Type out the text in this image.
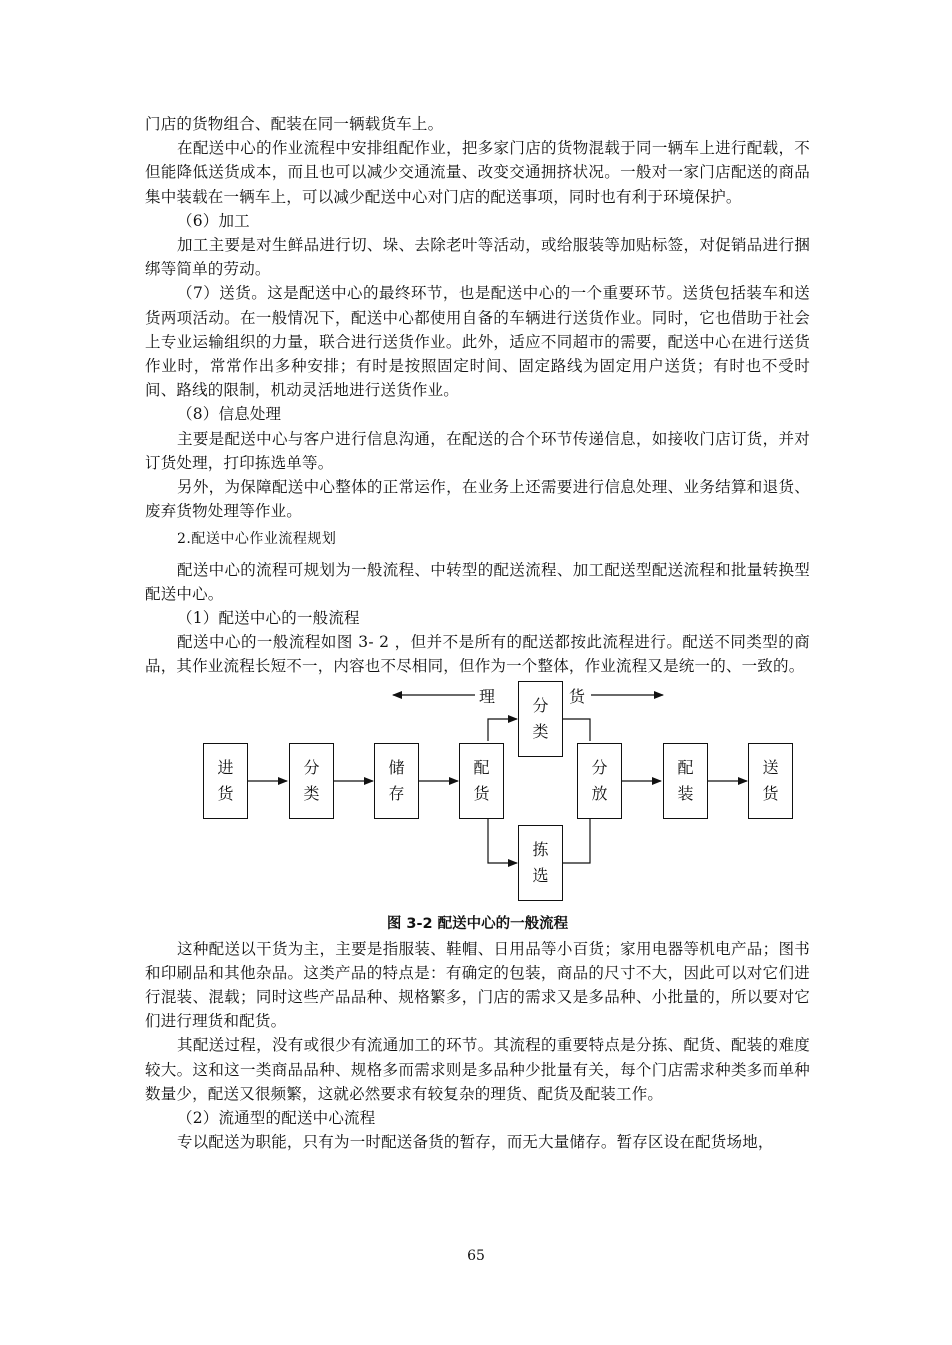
门店的货物组合、配装在同一辆载货车上。

在配送中心的作业流程中安排组配作业，把多家门店的货物混载于同一辆车上进行配载，不但能降低送货成本，而且也可以减少交通流量、改变交通拥挤状况。一般对一家门店配送的商品集中装载在一辆车上，可以减少配送中心对门店的配送事项，同时也有利于环境保护。

（6）加工

加工主要是对生鲜品进行切、垛、去除老叶等活动，或给服装等加贴标签，对促销品进行捆绑等简单的劳动。

（7）送货。这是配送中心的最终环节，也是配送中心的一个重要环节。送货包括装车和送货两项活动。在一般情况下，配送中心都使用自备的车辆进行送货作业。同时，它也借助于社会上专业运输组织的力量，联合进行送货作业。此外，适应不同超市的需要，配送中心在进行送货作业时，常常作出多种安排；有时是按照固定时间、固定路线为固定用户送货；有时也不受时间、路线的限制，机动灵活地进行送货作业。

（8）信息处理

主要是配送中心与客户进行信息沟通，在配送的合个环节传递信息，如接收门店订货，并对订货处理，打印拣选单等。

另外，为保障配送中心整体的正常运作，在业务上还需要进行信息处理、业务结算和退货、废弃货物处理等作业。

2.配送中心作业流程规划

配送中心的流程可规划为一般流程、中转型的配送流程、加工配送型配送流程和批量转换型配送中心。

（1）配送中心的一般流程

配送中心的一般流程如图 3- 2 ，但并不是所有的配送都按此流程进行。配送不同类型的商品，其作业流程长短不一，内容也不尽相同，但作为一个整体，作业流程又是统一的、一致的。

理	货
进
货
分
类
储
存
配
货
分
类
拣
选
分
放
配
装
送
货

图 3-2 配送中心的一般流程

这种配送以干货为主，主要是指服装、鞋帽、日用品等小百货；家用电器等机电产品；图书和印刷品和其他杂品。这类产品的特点是：有确定的包装，商品的尺寸不大，因此可以对它们进行混装、混载；同时这些产品品种、规格繁多，门店的需求又是多品种、小批量的，所以要对它们进行理货和配货。

其配送过程，没有或很少有流通加工的环节。其流程的重要特点是分拣、配货、配装的难度较大。这和这一类商品品种、规格多而需求则是多品种少批量有关，每个门店需求种类多而单种数量少，配送又很频繁，这就必然要求有较复杂的理货、配货及配装工作。

（2）流通型的配送中心流程

专以配送为职能，只有为一时配送备货的暂存，而无大量储存。暂存区设在配货场地，

65
